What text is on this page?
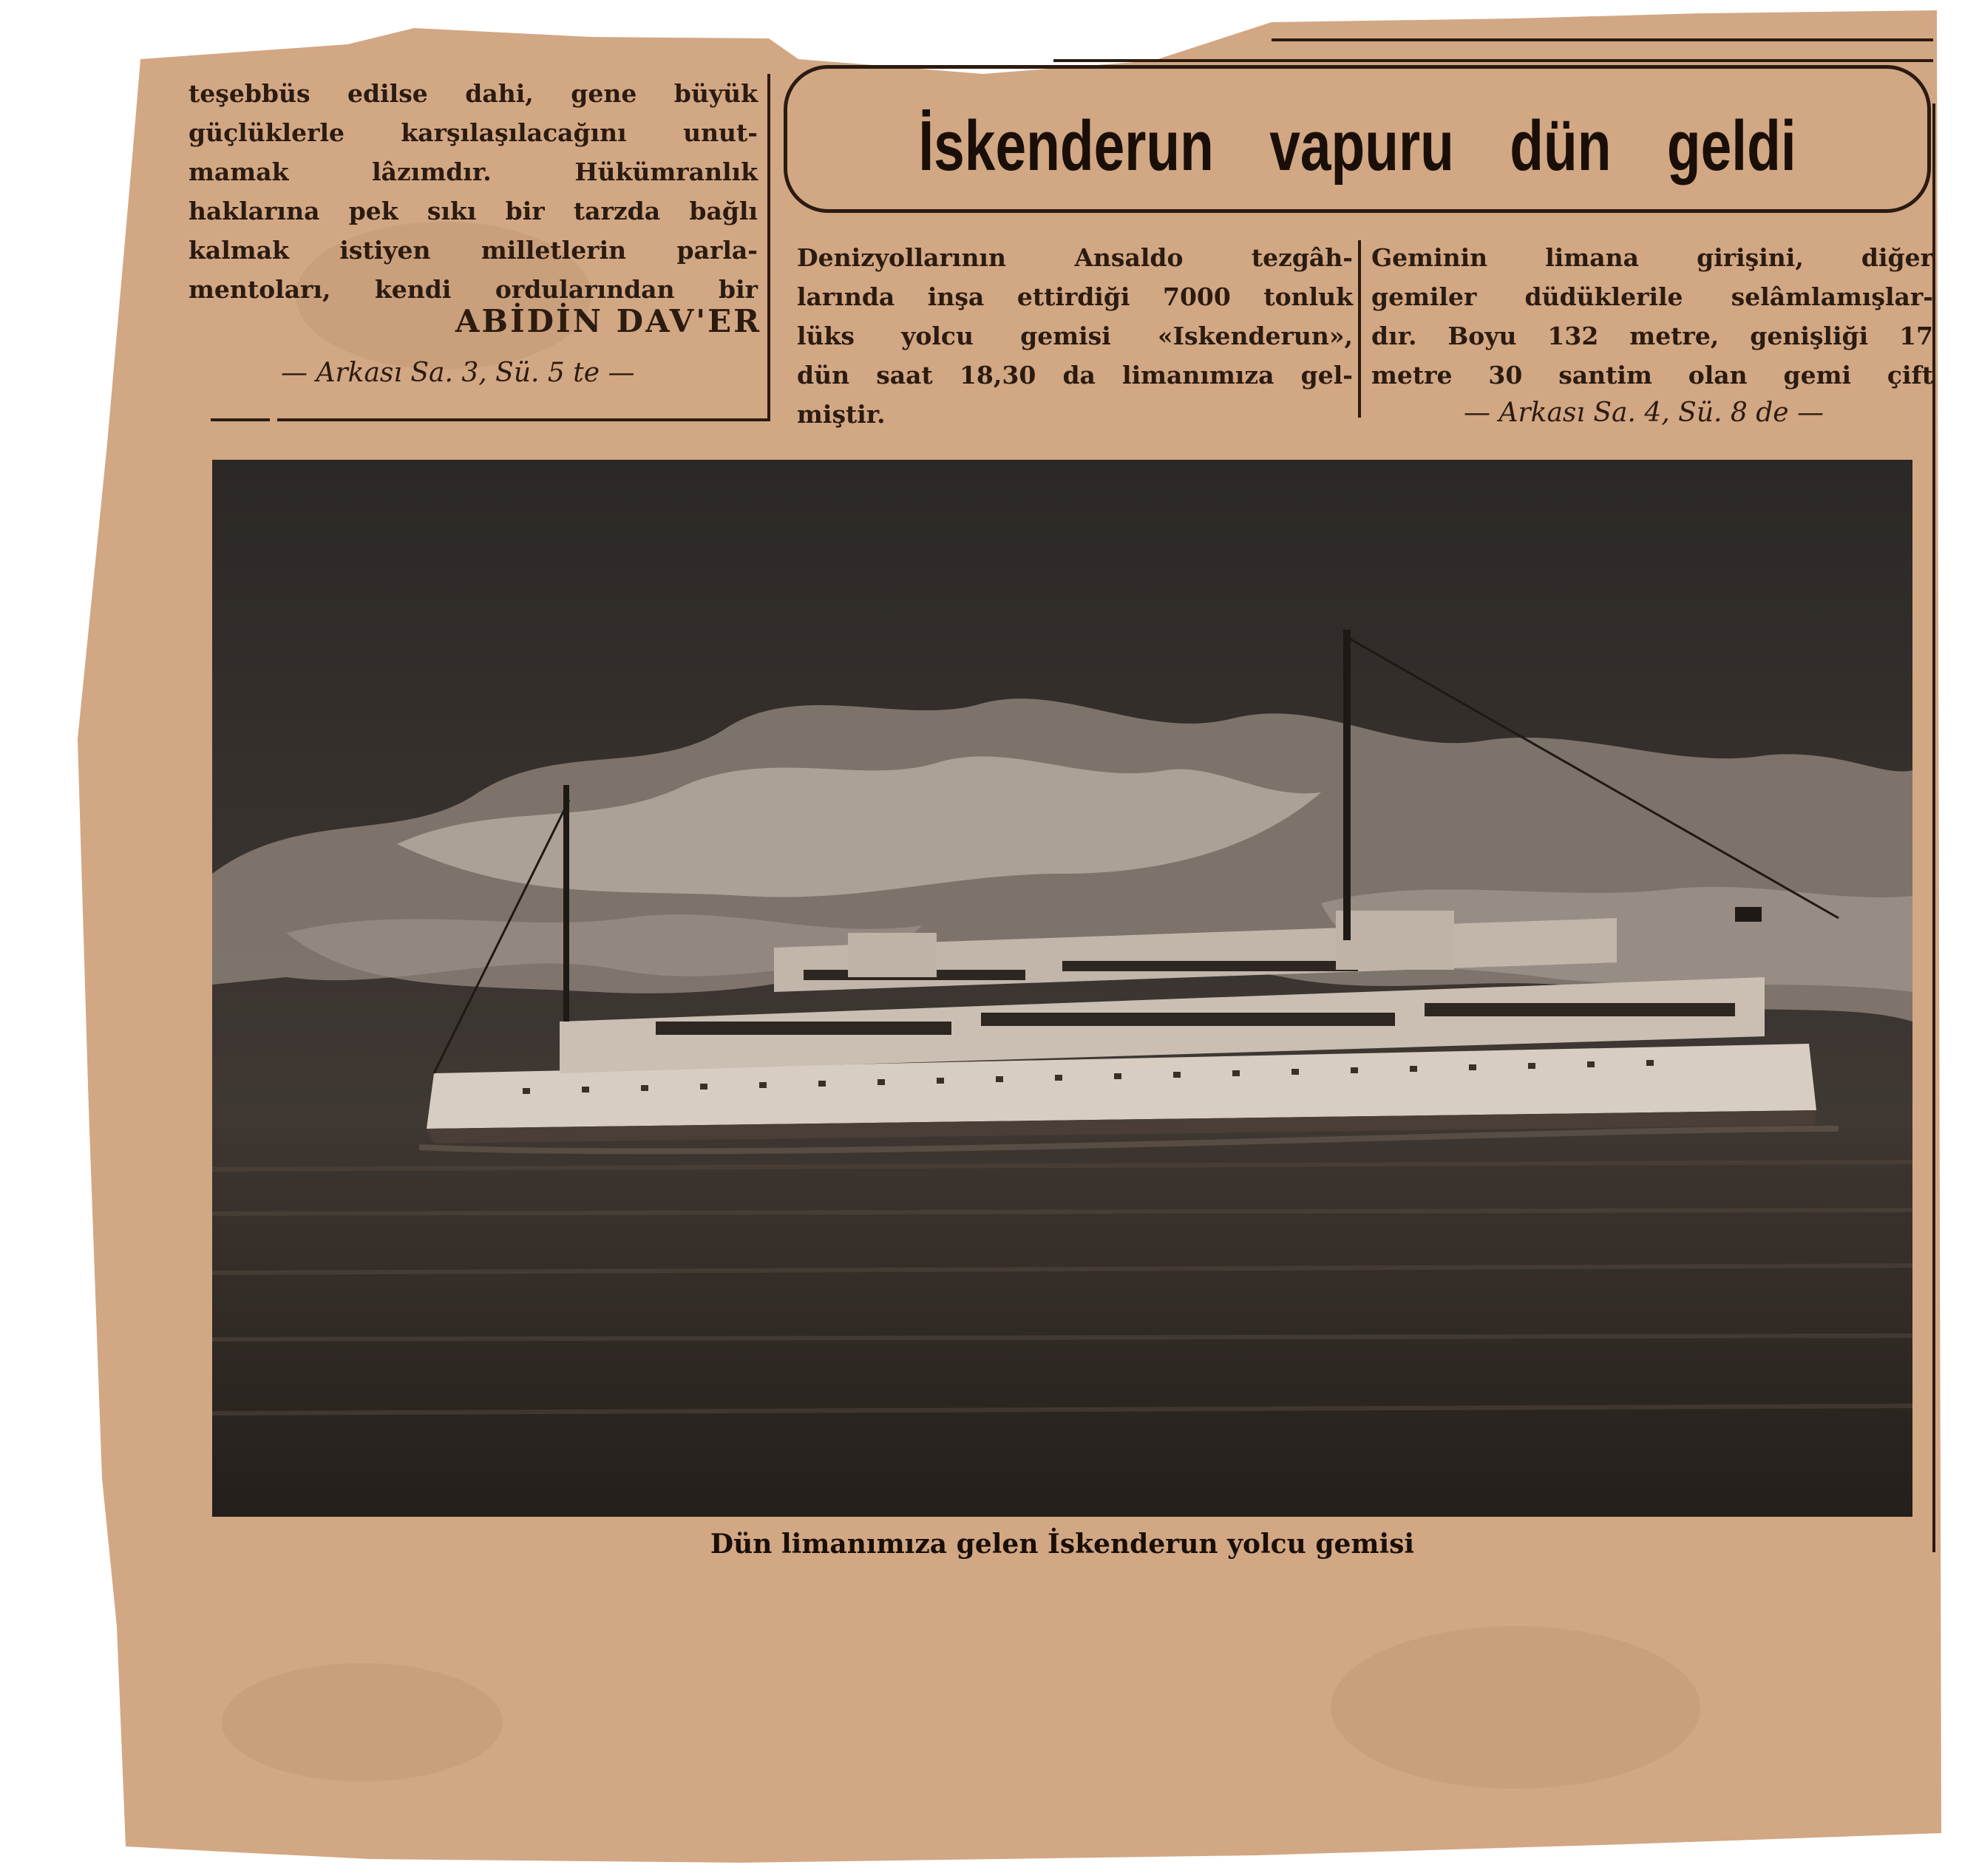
teşebbüs edilse dahi, gene büyük
güçlüklerle karşılaşılacağını unut-
mamak lâzımdır. Hükümranlık
haklarına pek sıkı bir tarzda bağlı
kalmak istiyen milletlerin parla-
mentoları, kendi ordularından bir
ABİDİN DAV'ER
— Arkası Sa. 3, Sü. 5 te —
İskenderun vapuru dün geldi
Denizyollarının Ansaldo tezgâh-
larında inşa ettirdiği 7000 tonluk
lüks yolcu gemisi «Iskenderun»,
dün saat 18,30 da limanımıza gel-
miştir.
Geminin limana girişini, diğer
gemiler düdüklerile selâmlamışlar-
dır. Boyu 132 metre, genişliği 17
metre 30 santim olan gemi çift
— Arkası Sa. 4, Sü. 8 de —
Dün limanımıza gelen İskenderun yolcu gemisi
